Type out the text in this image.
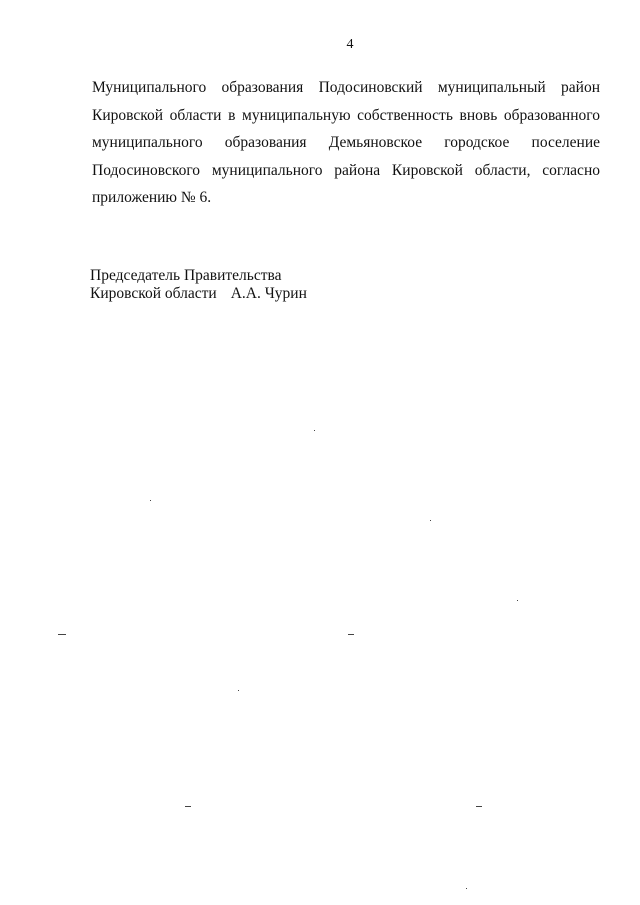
4
Муниципального образования Подосиновский муниципальный район
Кировской области в муниципальную собственность вновь образованного
муниципального образования Демьяновское городское поселение
Подосиновского муниципального района Кировской области, согласно
приложению № 6.
Председатель Правительства
Кировской области А.А. Чурин
